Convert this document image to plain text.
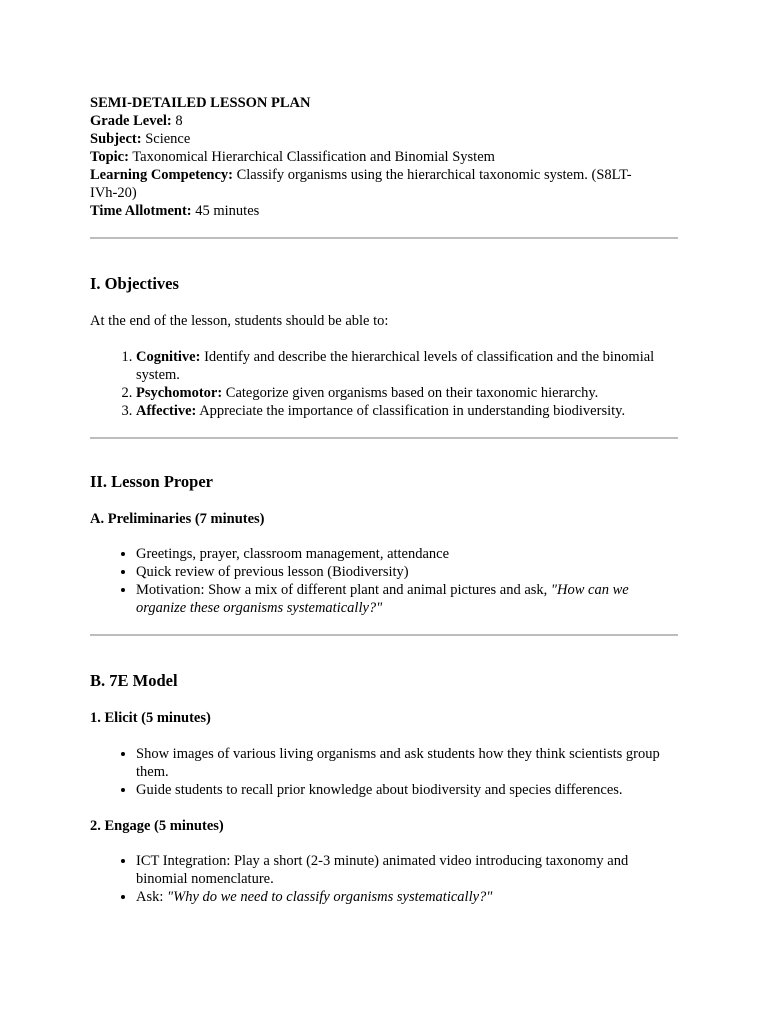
SEMI-DETAILED LESSON PLAN

Grade Level: 8

Subject: Science

Topic: Taxonomical Hierarchical Classification and Binomial System

Learning Competency: Classify organisms using the hierarchical taxonomic system. (S8LT-
IVh-20)

Time Allotment: 45 minutes

I. Objectives

At the end of the lesson, students should be able to:

1. Cognitive: Identify and describe the hierarchical levels of classification and the binomial system.
2. Psychomotor: Categorize given organisms based on their taxonomic hierarchy.
3. Affective: Appreciate the importance of classification in understanding biodiversity.
II. Lesson Proper
A. Preliminaries (7 minutes)
• Greetings, prayer, classroom management, attendance
• Quick review of previous lesson (Biodiversity)
• Motivation: Show a mix of different plant and animal pictures and ask, "How can we organize these organisms systematically?"
B. 7E Model
1. Elicit (5 minutes)
• Show images of various living organisms and ask students how they think scientists group them.
• Guide students to recall prior knowledge about biodiversity and species differences.
2. Engage (5 minutes)
• ICT Integration: Play a short (2-3 minute) animated video introducing taxonomy and binomial nomenclature.
• Ask: "Why do we need to classify organisms systematically?"
